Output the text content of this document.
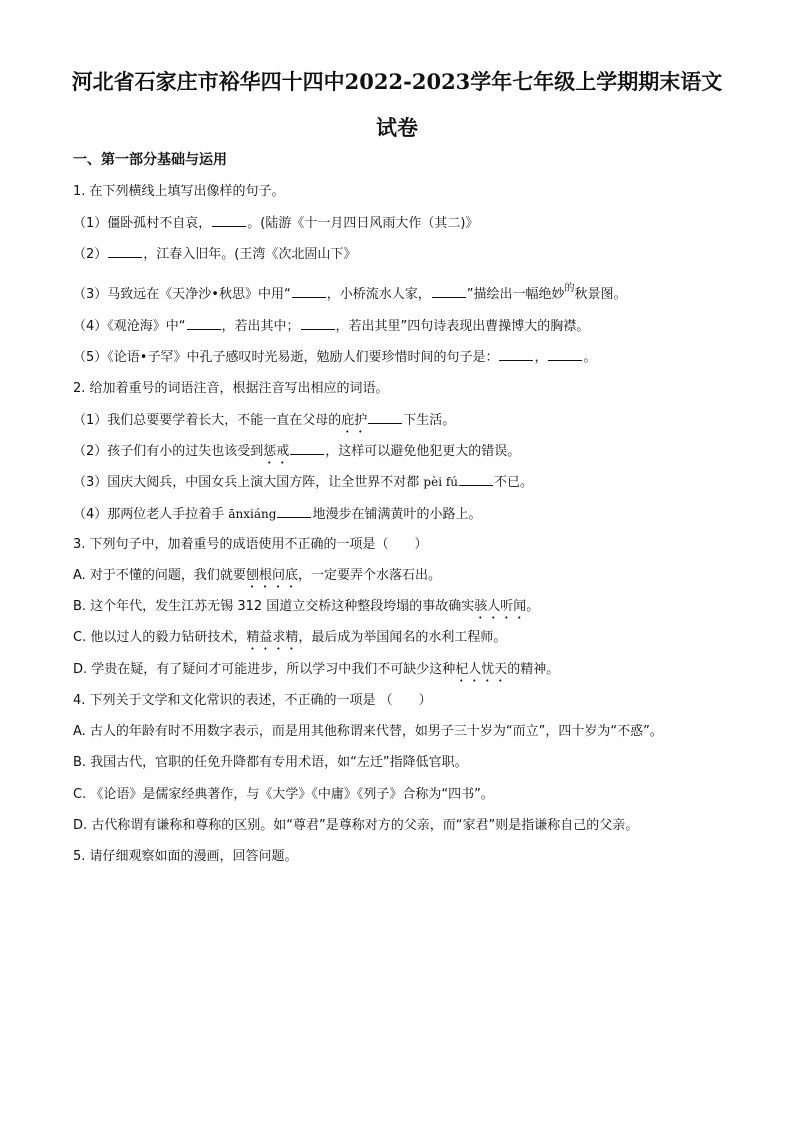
河北省石家庄市裕华四十四中2022-2023学年七年级上学期期末语文
试卷
一、第一部分基础与运用
1. 在下列横线上填写出像样的句子。
（1）僵卧孤村不自哀，	。(陆游《十一月四日风雨大作（其二)》
（2）	，江春入旧年。(王湾《次北固山下》
（3）马致远在《天净沙•秋思》中用“	，小桥流水人家，	”描绘出一幅绝妙$^的$秋景图。
（4）《观沧海》中“	，若出其中；	，若出其里”四句诗表现出曹操博大的胸襟。
（5）《论语•子罕》中孔子感叹时光易逝，勉励人们要珍惜时间的句子是：	，	。
2. 给加着重号的词语注音，根据注音写出相应的词语。
（1）我们总要要学着长大，不能一直在父母的庇护	下生活。
（2）孩子们有小的过失也该受到惩戒	，这样可以避免他犯更大的错误。
（3）国庆大阅兵，中国女兵上演大国方阵，让全世界不对都 pèi fú	不已。
（4）那两位老人手拉着手 ānxiáng	地漫步在铺满黄叶的小路上。
3. 下列句子中，加着重号的成语使用不正确的一项是（　　）
A. 对于不懂的问题，我们就要刨根问底，一定要弄个水落石出。
B. 这个年代，发生江苏无锡 312 国道立交桥这种整段垮塌的事故确实骇人听闻。
C. 他以过人的毅力钻研技术，精益求精，最后成为举国闻名的水利工程师。
D. 学贵在疑，有了疑问才可能进步，所以学习中我们不可缺少这种杞人忧天的精神。
4. 下列关于文学和文化常识的表述，不正确的一项是 （　　）
A. 古人的年龄有时不用数字表示，而是用其他称谓来代替，如男子三十岁为“而立”，四十岁为“不惑”。
B. 我国古代，官职的任免升降都有专用术语，如“左迁”指降低官职。
C. 《论语》是儒家经典著作，与《大学》《中庸》《列子》合称为“四书”。
D. 古代称谓有谦称和尊称的区别。如“尊君”是尊称对方的父亲，而“家君”则是指谦称自己的父亲。
5. 请仔细观察如面的漫画，回答问题。
